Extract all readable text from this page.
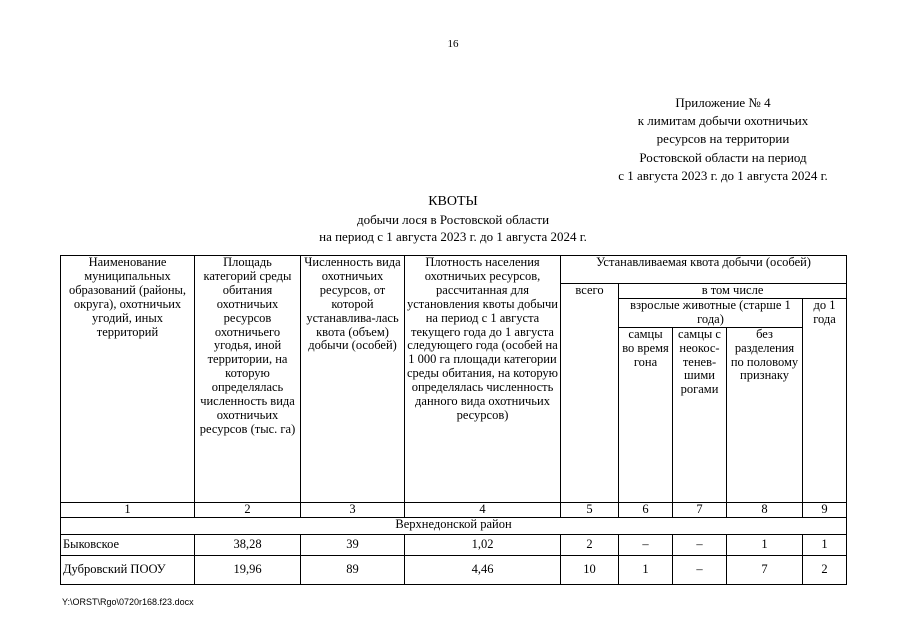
16
Приложение № 4
к лимитам добычи охотничьих
ресурсов на территории
Ростовской области на период
с 1 августа 2023 г. до 1 августа 2024 г.
КВОТЫ
добычи лося в Ростовской области
на период с 1 августа 2023 г. до 1 августа 2024 г.
Наименование муниципальных образований (районы, округа), охотничьих угодий, иных территорий	Площадь категорий среды обитания охотничьих ресурсов охотничьего угодья, иной территории, на которую определялась численность вида охотничьих ресурсов (тыс. га)	Численность вида охотничьих ресурсов, от которой устанавлива-лась квота (объем) добычи (особей)	Плотность населения охотничьих ресурсов, рассчитанная для установления квоты добычи на период с 1 августа текущего года до 1 августа следующего года (особей на 1 000 га площади категории среды обитания, на которую определялась численность данного вида охотничьих ресурсов)	Устанавливаемая квота добычи (особей)				
				всего	в том числе			
					взрослые животные (старше 1 года)			до 1 года
					самцы во время гона	самцы с неокос-тенев-шими рогами	без разделения по половому признаку	
1	2	3	4	5	6	7	8	9
Верхнедонской район								
Быковское	38,28	39	1,02	2	–	–	1	1
Дубровский ПООУ	19,96	89	4,46	10	1	–	7	2
Y:\ORST\Rgo\0720r168.f23.docx
